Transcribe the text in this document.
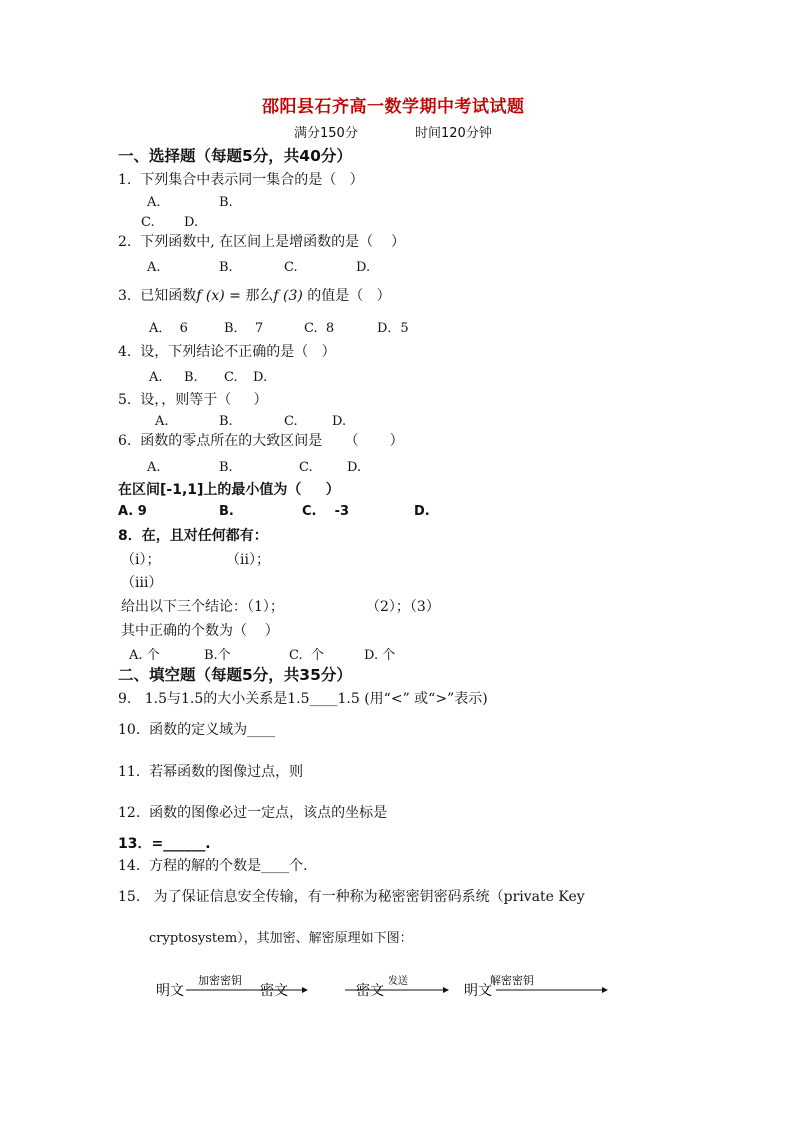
邵阳县石齐高一数学期中考试试题
满分150分	时间120分钟
一、选择题（每题5分，共40分）
1.  下列集合中表示同一集合的是（   ）
A.	B.
C. D.
2.  下列函数中, 在区间上是增函数的是（    ）
A.	B.	C.	D.
3.  已知函数f (x) = 那么f (3) 的值是（   ）
A．  6	B．  7	C.  8	D．5
4.  设，下列结论不正确的是（   ）
A. B. C. D.
5.  设，，则等于（     ）
A.	B.	C.	D.
6.  函数的零点所在的大致区间是     （       ）
A.	B.	C.	D.
在区间[-1,1]上的最小值为（     ）
A. 9	B.	C.    -3	D.
8．在，且对任何都有：
（i）；	（ii）；
（ⅲ）
给出以下三个结论：（1）；	（2）；（3）
其中正确的个数为（    ）
A. 个	B.个	C.  个	D. 个
二、填空题（每题5分，共35分）
9.   1.5与1.5的大小关系是1.5____1.5 (用“<” 或“>”表示)
10.  函数的定义域为____
11.  若幂函数的图像过点，则
12.  函数的图像必过一定点，该点的坐标是
13．=______.
14.  方程的解的个数是____个.
15.   为了保证信息安全传输，有一种称为秘密密钥密码系统（private Key
cryptosystem），其加密、解密原理如下图：
明文
加密密钥
密文	密文
发送
明文
解密密钥
